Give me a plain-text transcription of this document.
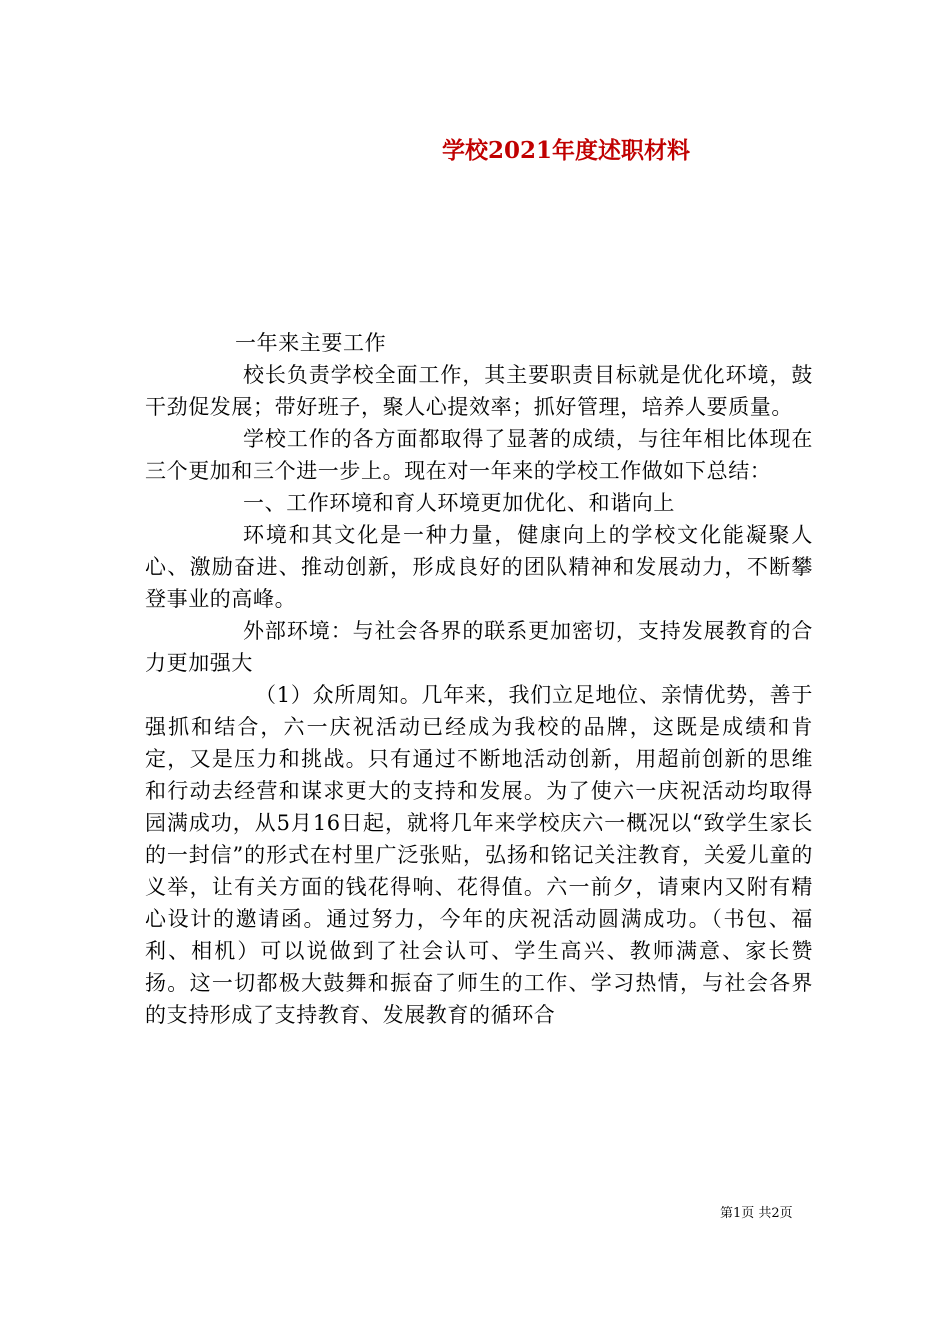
学校2021年度述职材料

一年来主要工作

校长负责学校全面工作，其主要职责目标就是优化环境，鼓干劲促发展；带好班子，聚人心提效率；抓好管理，培养人要质量。

学校工作的各方面都取得了显著的成绩，与往年相比体现在三个更加和三个进一步上。现在对一年来的学校工作做如下总结：

一、工作环境和育人环境更加优化、和谐向上

环境和其文化是一种力量，健康向上的学校文化能凝聚人心、激励奋进、推动创新，形成良好的团队精神和发展动力，不断攀登事业的高峰。

外部环境：与社会各界的联系更加密切，支持发展教育的合力更加强大

（1）众所周知。几年来，我们立足地位、亲情优势，善于强抓和结合，六一庆祝活动已经成为我校的品牌，这既是成绩和肯定，又是压力和挑战。只有通过不断地活动创新，用超前创新的思维和行动去经营和谋求更大的支持和发展。为了使六一庆祝活动均取得园满成功，从5月16日起，就将几年来学校庆六一概况以“致学生家长的一封信”的形式在村里广泛张贴，弘扬和铭记关注教育，关爱儿童的义举，让有关方面的钱花得响、花得值。六一前夕，请柬内又附有精心设计的邀请函。通过努力，今年的庆祝活动圆满成功。（书包、福利、相机）可以说做到了社会认可、学生高兴、教师满意、家长赞扬。这一切都极大鼓舞和振奋了师生的工作、学习热情，与社会各界的支持形成了支持教育、发展教育的循环合

第1页 共2页
